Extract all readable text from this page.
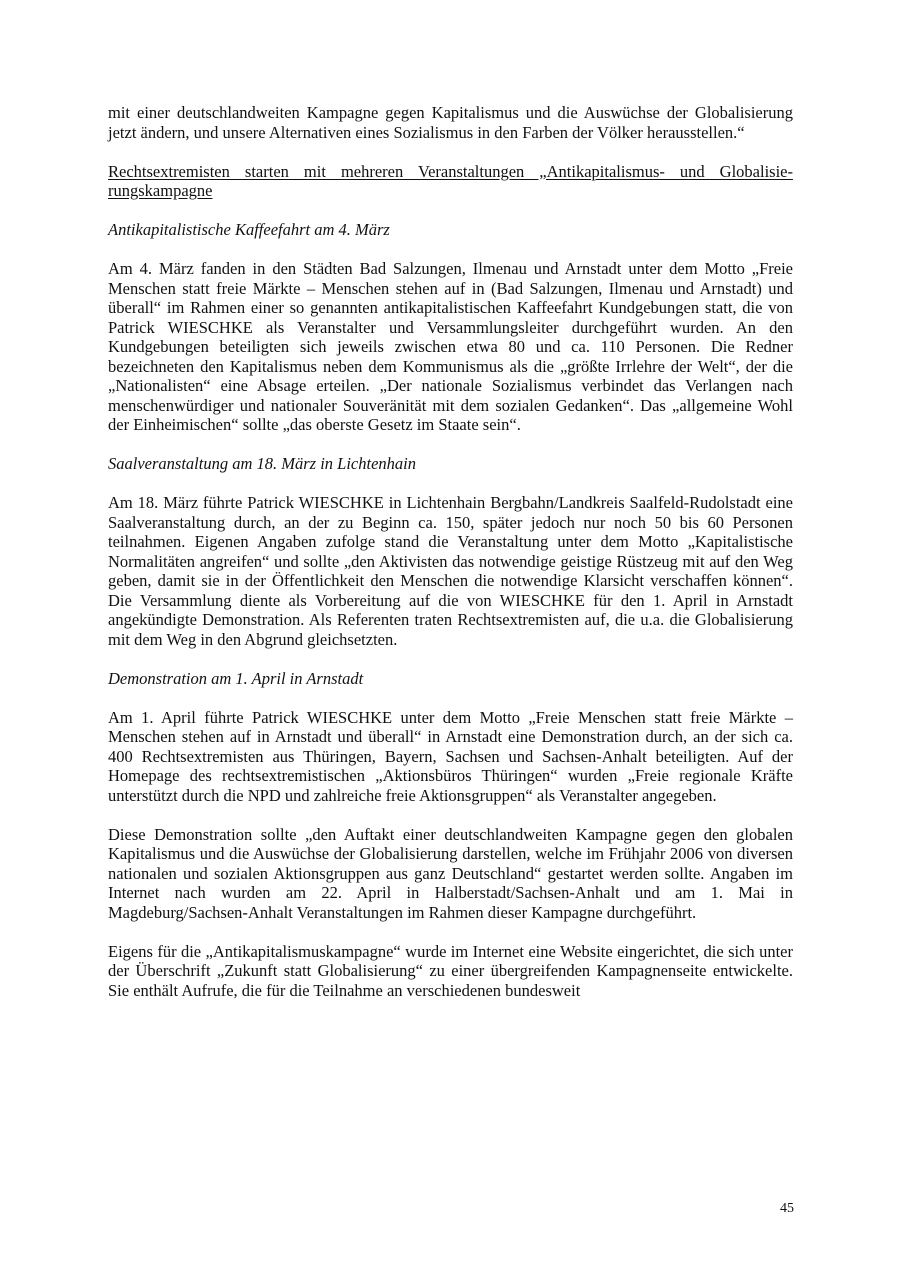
mit einer deutschlandweiten Kampagne gegen Kapitalismus und die Auswüchse der Globalisierung jetzt ändern, und unsere Alternativen eines Sozialismus in den Farben der Völker herausstellen.“

Rechtsextremisten starten mit mehreren Veranstaltungen „Antikapitalismus- und Globalisierungskampagne

Antikapitalistische Kaffeefahrt am 4. März

Am 4. März fanden in den Städten Bad Salzungen, Ilmenau und Arnstadt unter dem Motto „Freie Menschen statt freie Märkte – Menschen stehen auf in (Bad Salzungen, Ilmenau und Arnstadt) und überall“ im Rahmen einer so genannten antikapitalistischen Kaffeefahrt Kundgebungen statt, die von Patrick WIESCHKE als Veranstalter und Versammlungsleiter durchgeführt wurden. An den Kundgebungen beteiligten sich jeweils zwischen etwa 80 und ca. 110 Personen. Die Redner bezeichneten den Kapitalismus neben dem Kommunismus als die „größte Irrlehre der Welt“, der die „Nationalisten“ eine Absage erteilen. „Der nationale Sozialismus verbindet das Verlangen nach menschenwürdiger und nationaler Souveränität mit dem sozialen Gedanken“. Das „allgemeine Wohl der Einheimischen“ sollte „das oberste Gesetz im Staate sein“.

Saalveranstaltung am 18. März in Lichtenhain

Am 18. März führte Patrick WIESCHKE in Lichtenhain Bergbahn/Landkreis Saalfeld-Rudolstadt eine Saalveranstaltung durch, an der zu Beginn ca. 150, später jedoch nur noch 50 bis 60 Personen teilnahmen. Eigenen Angaben zufolge stand die Veranstaltung unter dem Motto „Kapitalistische Normalitäten angreifen“ und sollte „den Aktivisten das notwendige geistige Rüstzeug mit auf den Weg geben, damit sie in der Öffentlichkeit den Menschen die notwendige Klarsicht verschaffen können“. Die Versammlung diente als Vorbereitung auf die von WIESCHKE für den 1. April in Arnstadt angekündigte Demonstration. Als Referenten traten Rechtsextremisten auf, die u.a. die Globalisierung mit dem Weg in den Abgrund gleichsetzten.

Demonstration am 1. April in Arnstadt

Am 1. April führte Patrick WIESCHKE unter dem Motto „Freie Menschen statt freie Märkte – Menschen stehen auf in Arnstadt und überall“ in Arnstadt eine Demonstration durch, an der sich ca. 400 Rechtsextremisten aus Thüringen, Bayern, Sachsen und Sachsen-Anhalt beteiligten. Auf der Homepage des rechtsextremistischen „Aktionsbüros Thüringen“ wurden „Freie regionale Kräfte unterstützt durch die NPD und zahlreiche freie Aktionsgruppen“ als Veranstalter angegeben.

Diese Demonstration sollte „den Auftakt einer deutschlandweiten Kampagne gegen den globalen Kapitalismus und die Auswüchse der Globalisierung darstellen, welche im Frühjahr 2006 von diversen nationalen und sozialen Aktionsgruppen aus ganz Deutschland“ gestartet werden sollte. Angaben im Internet nach wurden am 22. April in Halberstadt/Sachsen-Anhalt und am 1. Mai in Magdeburg/Sachsen-Anhalt Veranstaltungen im Rahmen dieser Kampagne durchgeführt.

Eigens für die „Antikapitalismuskampagne“ wurde im Internet eine Website eingerichtet, die sich unter der Überschrift „Zukunft statt Globalisierung“ zu einer übergreifenden Kampagnenseite entwickelte. Sie enthält Aufrufe, die für die Teilnahme an verschiedenen bundesweit

45
